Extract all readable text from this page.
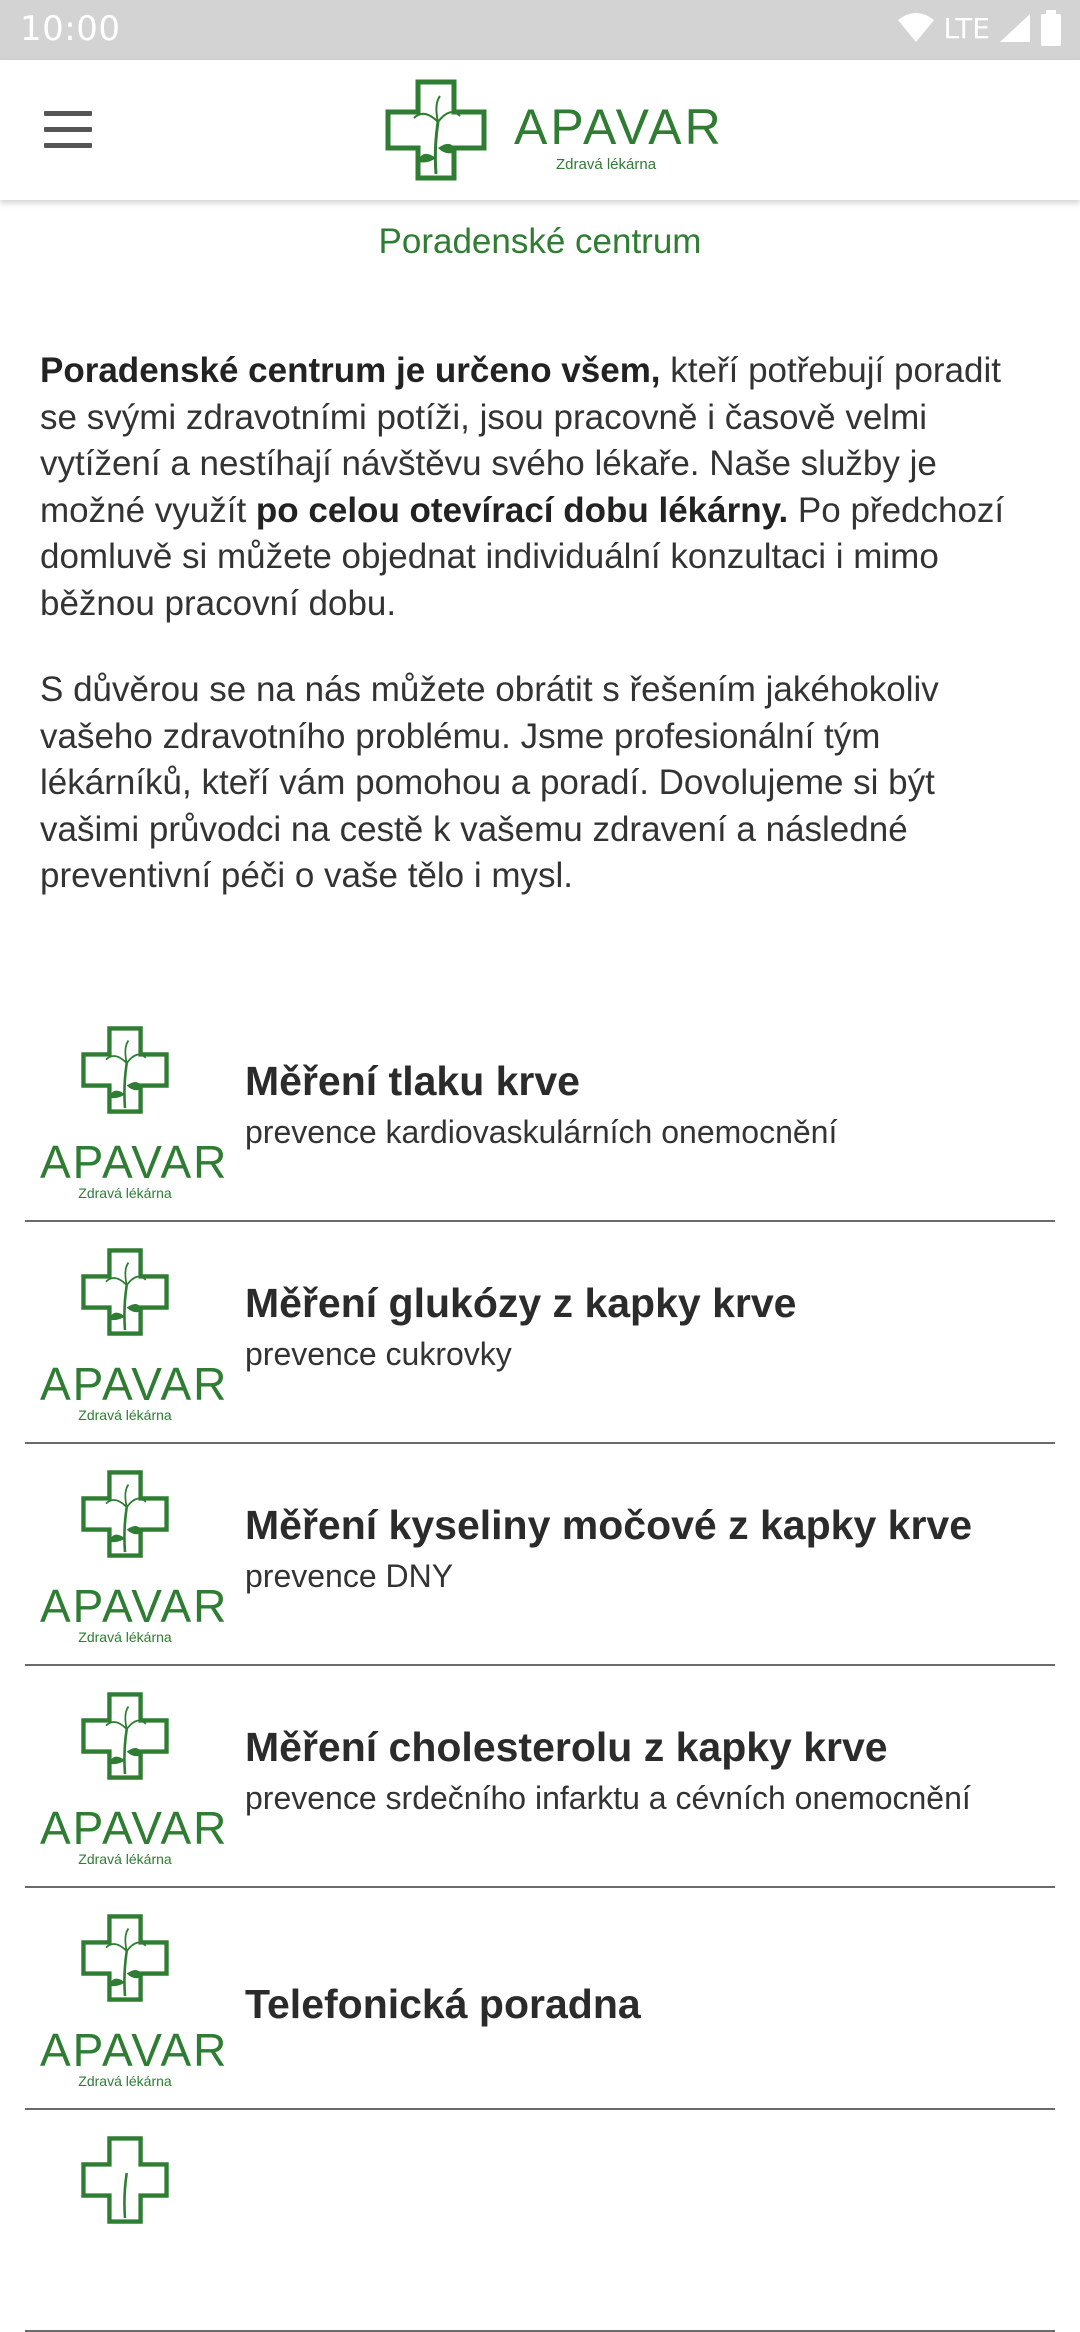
10:00	LTE
APAVAR
Zdravá lékárna
Poradenské centrum

Poradenské centrum je určeno všem, kteří potřebují poradit se svými zdravotními potíži, jsou pracovně i časově velmi vytížení a nestíhají návštěvu svého lékaře. Naše služby je možné využít po celou otevírací dobu lékárny. Po předchozí domluvě si můžete objednat individuální konzultaci i mimo běžnou pracovní dobu.

S důvěrou se na nás můžete obrátit s řešením jakéhokoliv vašeho zdravotního problému. Jsme profesionální tým lékárníků, kteří vám pomohou a poradí. Dovolujeme si být vašimi průvodci na cestě k vašemu zdravení a následné preventivní péči o vaše tělo i mysl.

APAVAR
Zdravá lékárna
Měření tlaku krve
prevence kardiovaskulárních onemocnění
APAVAR
Zdravá lékárna
Měření glukózy z kapky krve
prevence cukrovky
APAVAR
Zdravá lékárna
Měření kyseliny močové z kapky krve
prevence DNY
APAVAR
Zdravá lékárna
Měření cholesterolu z kapky krve
prevence srdečního infarktu a cévních onemocnění
APAVAR
Zdravá lékárna
Telefonická poradna
